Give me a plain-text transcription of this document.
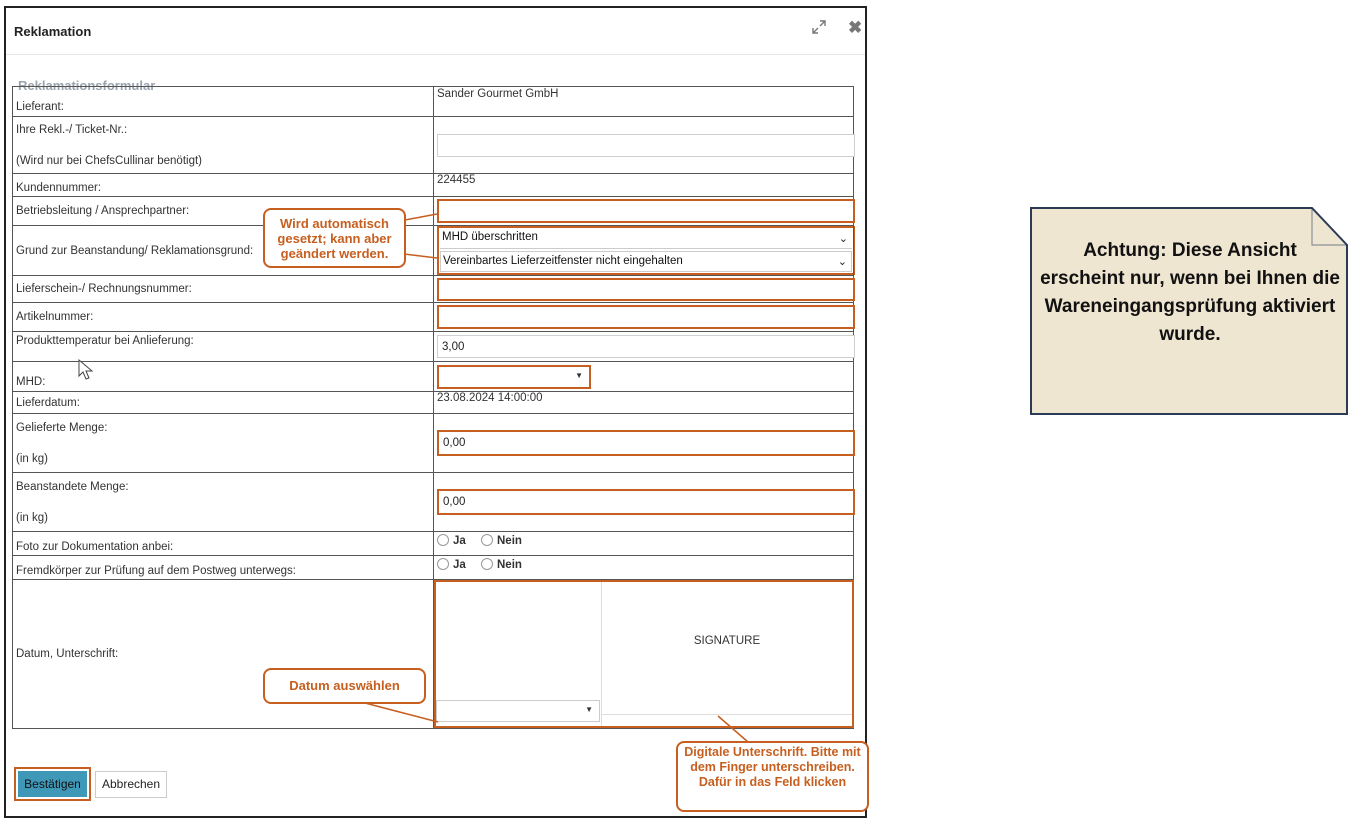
Reklamation	✖
Reklamationsformular
Lieferant:	Sander Gourmet GmbH

Ihre Rekl.-/ Ticket-Nr.:
(Wird nur bei ChefsCullinar benötigt)

Kundennummer:	224455
Betriebsleitung / Ansprechpartner:	
Grund zur Beanstandung/ Reklamationsgrund:	MHD überschritten ⌄
Vereinbartes Lieferzeitfenster nicht eingehalten ⌄

Lieferschein-/ Rechnungsnummer:	
Artikelnummer:	
Produkttemperatur bei Anlieferung:	3,00
MHD:	▼

Lieferdatum:	23.08.2024 14:00:00

Gelieferte Menge:
(in kg)
	0,00

Beanstandete Menge:
(in kg)
	0,00
Foto zur Dokumentation anbei:	Ja Nein
Fremdkörper zur Prüfung auf dem Postweg unterwegs:	Ja Nein
Datum, Unterschrift:	▼
SIGNATURE
Bestätigen	Abbrechen
Wird automatisch gesetzt; kann aber geändert werden.
Datum auswählen
Digitale Unterschrift. Bitte mit dem Finger unterschreiben. Dafür in das Feld klicken
Achtung: Diese Ansicht erscheint nur, wenn bei Ihnen die Wareneingangsprüfung aktiviert wurde.
